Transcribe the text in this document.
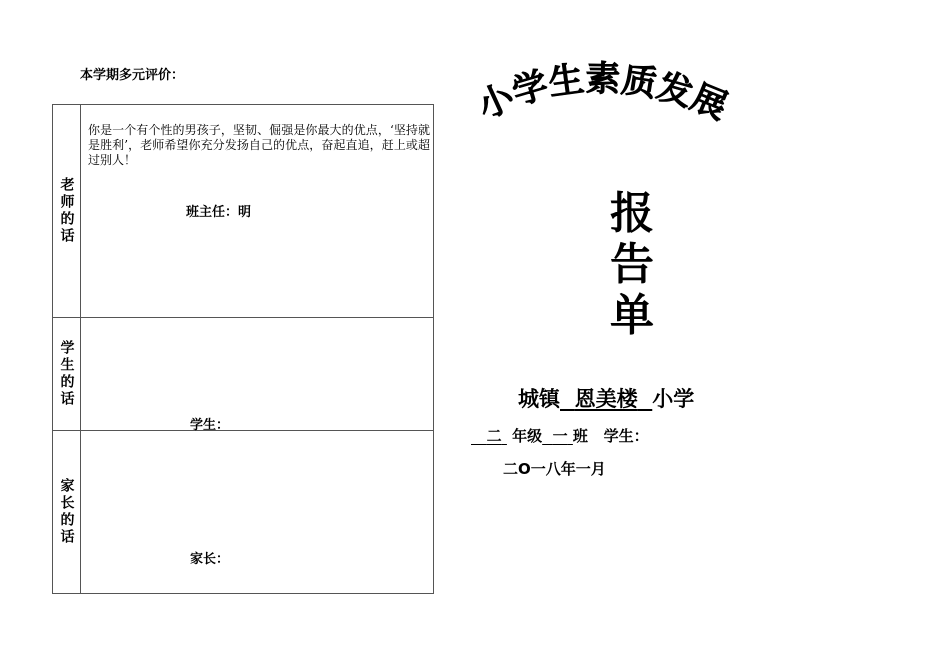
本学期多元评价：
老师的话
你是一个有个性的男孩子，坚韧、倔强是你最大的优点，‘坚持就是胜利’，老师希望你充分发扬自己的优点，奋起直追，赶上或超过别人！
班主任：明
学生的话
学生：
家长的话
家长：
小学生素质发展
报
告
单
城镇 恩美楼 小学
二 年级 一 班 学生：
二O一八年一月
